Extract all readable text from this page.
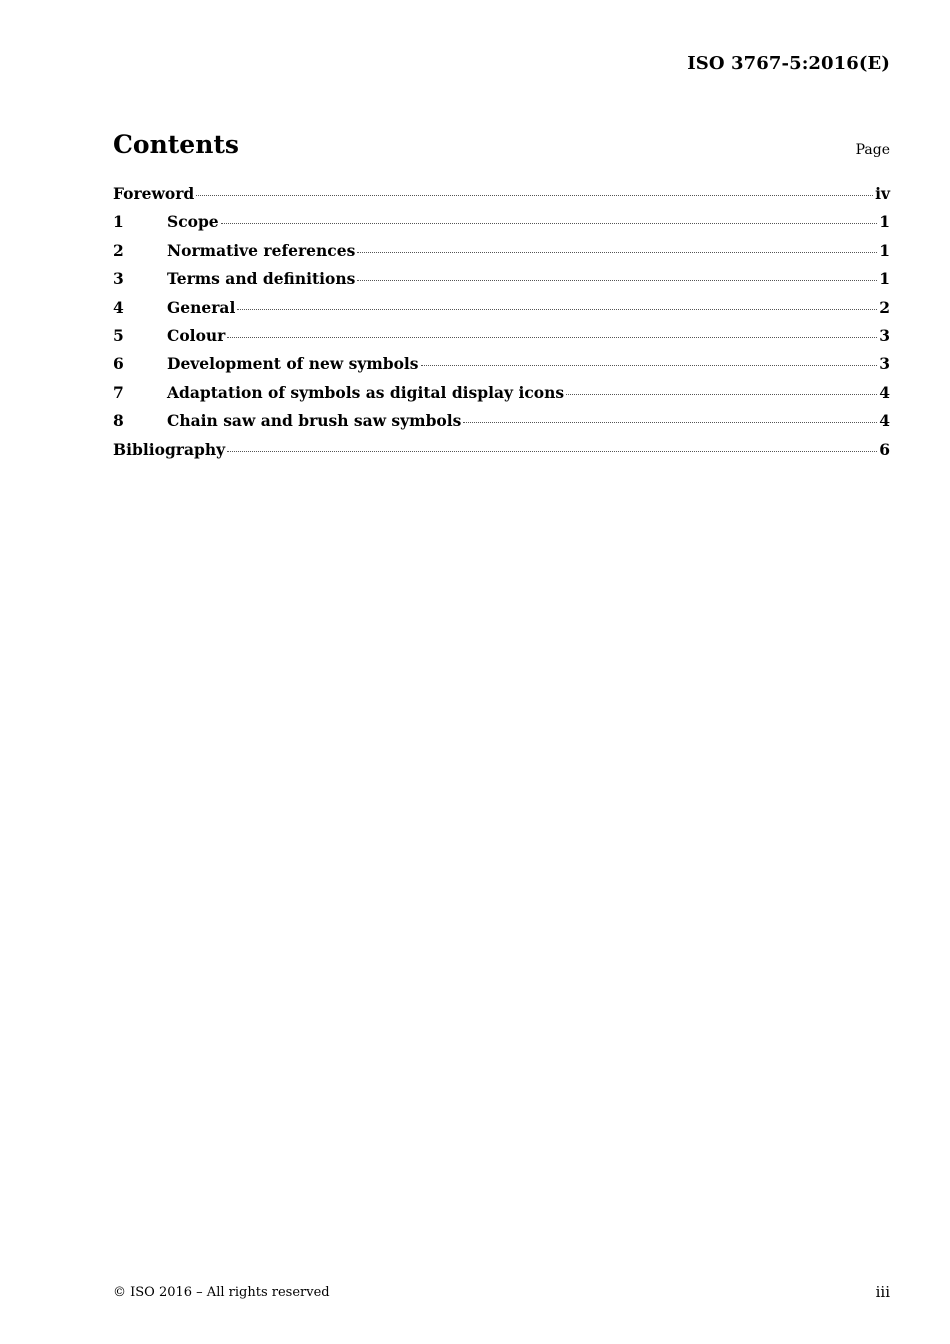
ISO 3767-5:2016(E)
Contents	Page
Foreword	iv
1	Scope	1
2	Normative references	1
3	Terms and definitions	1
4	General	2
5	Colour	3
6	Development of new symbols	3
7	Adaptation of symbols as digital display icons	4
8	Chain saw and brush saw symbols	4
Bibliography	6
© ISO 2016 – All rights reserved	iii
